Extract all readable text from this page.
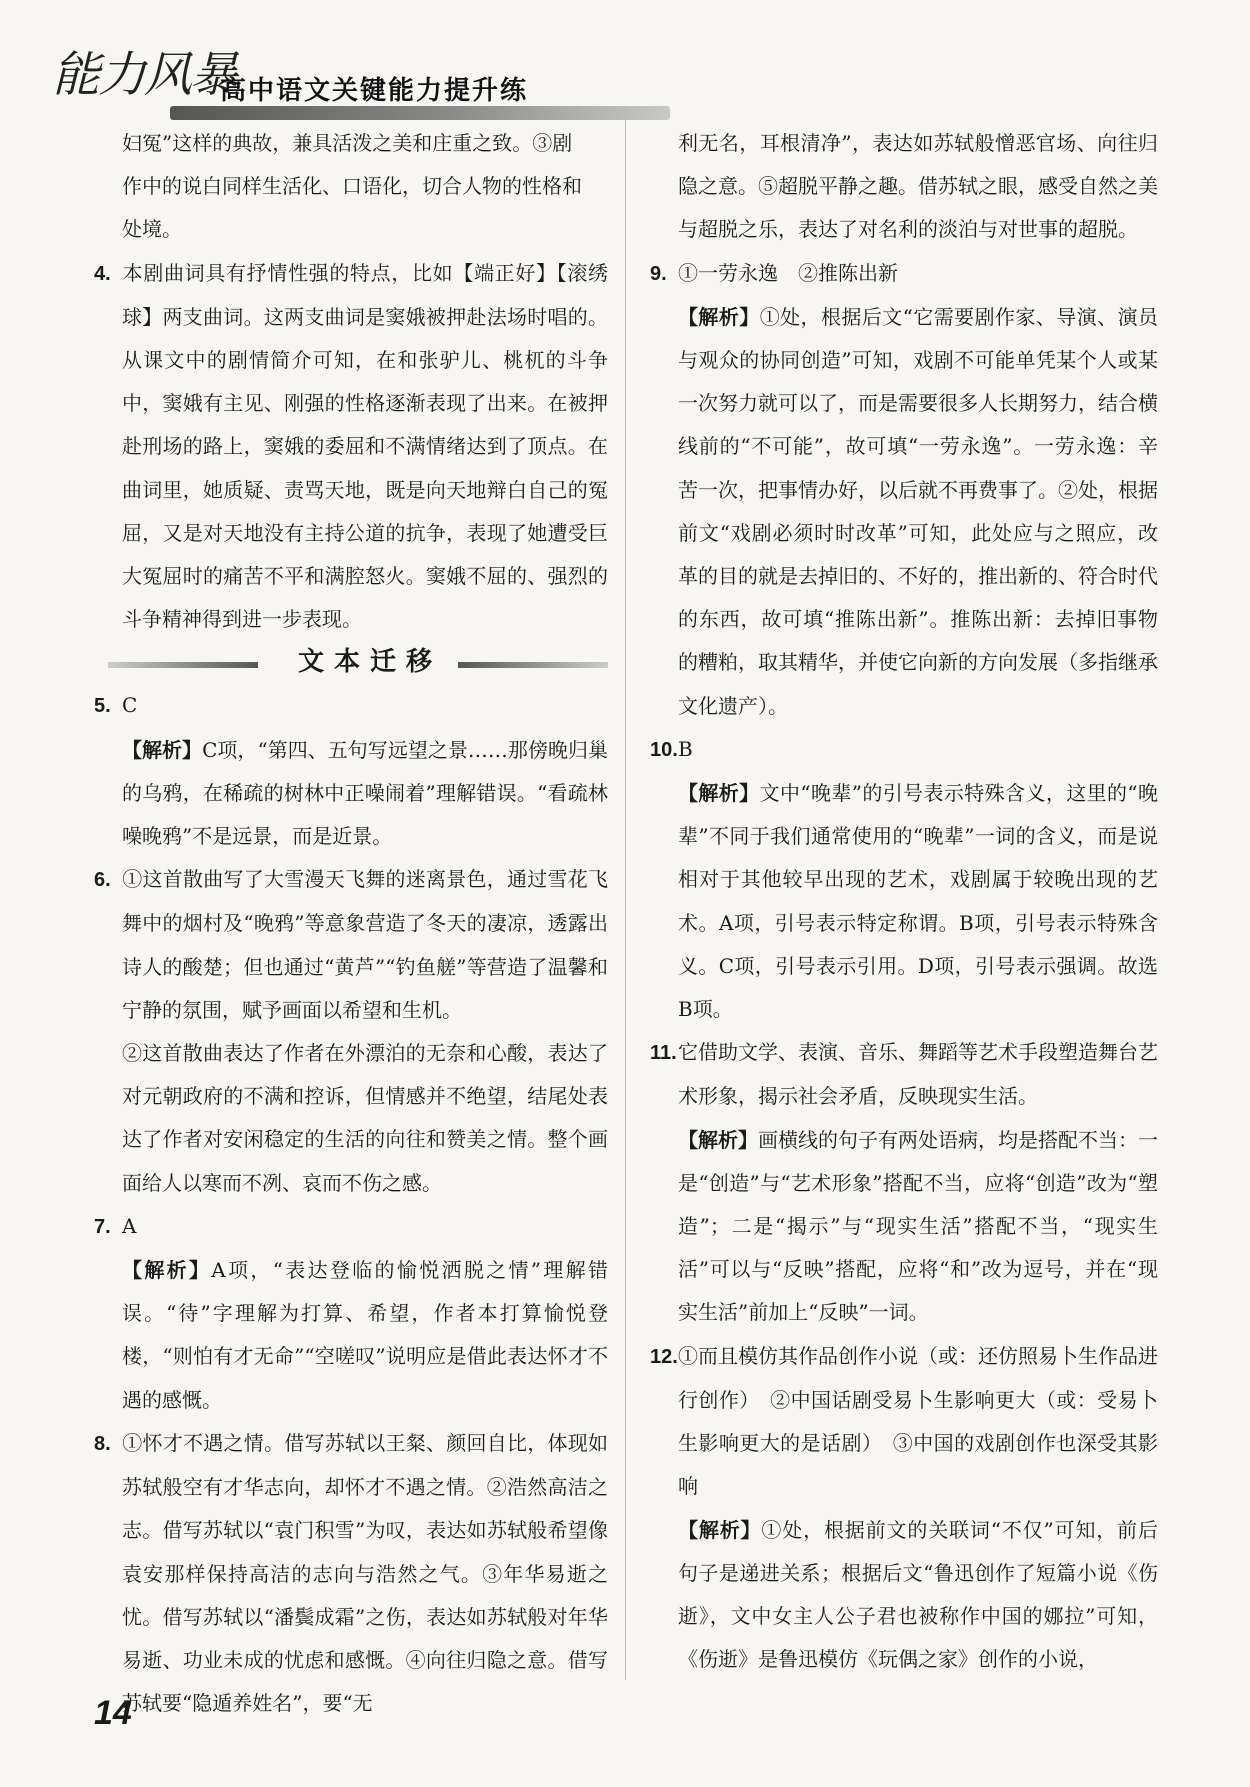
能力风暴
高中语文关键能力提升练

妇冤”这样的典故，兼具活泼之美和庄重之致。③剧

作中的说白同样生活化、口语化，切合人物的性格和

处境。

4. 本剧曲词具有抒情性强的特点，比如【端正好】【滚绣球】两支曲词。这两支曲词是窦娥被押赴法场时唱的。从课文中的剧情简介可知，在和张驴儿、桃杌的斗争中，窦娥有主见、刚强的性格逐渐表现了出来。在被押赴刑场的路上，窦娥的委屈和不满情绪达到了顶点。在曲词里，她质疑、责骂天地，既是向天地辩白自己的冤屈，又是对天地没有主持公道的抗争，表现了她遭受巨大冤屈时的痛苦不平和满腔怒火。窦娥不屈的、强烈的斗争精神得到进一步表现。

文本迁移

5. C

【解析】C项，“第四、五句写远望之景……那傍晚归巢的乌鸦，在稀疏的树林中正噪闹着”理解错误。“看疏林噪晚鸦”不是远景，而是近景。

6. ①这首散曲写了大雪漫天飞舞的迷离景色，通过雪花飞舞中的烟村及“晚鸦”等意象营造了冬天的凄凉，透露出诗人的酸楚；但也通过“黄芦”“钓鱼艖”等营造了温馨和宁静的氛围，赋予画面以希望和生机。

②这首散曲表达了作者在外漂泊的无奈和心酸，表达了对元朝政府的不满和控诉，但情感并不绝望，结尾处表达了作者对安闲稳定的生活的向往和赞美之情。整个画面给人以寒而不冽、哀而不伤之感。

7. A

【解析】A项，“表达登临的愉悦洒脱之情”理解错误。“待”字理解为打算、希望，作者本打算愉悦登楼，“则怕有才无命”“空嗟叹”说明应是借此表达怀才不遇的感慨。

8. ①怀才不遇之情。借写苏轼以王粲、颜回自比，体现如苏轼般空有才华志向，却怀才不遇之情。②浩然高洁之志。借写苏轼以“袁门积雪”为叹，表达如苏轼般希望像袁安那样保持高洁的志向与浩然之气。③年华易逝之忧。借写苏轼以“潘鬓成霜”之伤，表达如苏轼般对年华易逝、功业未成的忧虑和感慨。④向往归隐之意。借写苏轼要“隐遁养姓名”，要“无

利无名，耳根清净”，表达如苏轼般憎恶官场、向往归隐之意。⑤超脱平静之趣。借苏轼之眼，感受自然之美与超脱之乐，表达了对名利的淡泊与对世事的超脱。

9. ①一劳永逸　②推陈出新

【解析】①处，根据后文“它需要剧作家、导演、演员与观众的协同创造”可知，戏剧不可能单凭某个人或某一次努力就可以了，而是需要很多人长期努力，结合横线前的“不可能”，故可填“一劳永逸”。一劳永逸：辛苦一次，把事情办好，以后就不再费事了。②处，根据前文“戏剧必须时时改革”可知，此处应与之照应，改革的目的就是去掉旧的、不好的，推出新的、符合时代的东西，故可填“推陈出新”。推陈出新：去掉旧事物的糟粕，取其精华，并使它向新的方向发展（多指继承文化遗产）。

10.B

【解析】文中“晚辈”的引号表示特殊含义，这里的“晚辈”不同于我们通常使用的“晚辈”一词的含义，而是说相对于其他较早出现的艺术，戏剧属于较晚出现的艺术。A项，引号表示特定称谓。B项，引号表示特殊含义。C项，引号表示引用。D项，引号表示强调。故选B项。

11.它借助文学、表演、音乐、舞蹈等艺术手段塑造舞台艺术形象，揭示社会矛盾，反映现实生活。

【解析】画横线的句子有两处语病，均是搭配不当：一是“创造”与“艺术形象”搭配不当，应将“创造”改为“塑造”；二是“揭示”与“现实生活”搭配不当，“现实生活”可以与“反映”搭配，应将“和”改为逗号，并在“现实生活”前加上“反映”一词。

12.①而且模仿其作品创作小说（或：还仿照易卜生作品进行创作）　②中国话剧受易卜生影响更大（或：受易卜生影响更大的是话剧）　③中国的戏剧创作也深受其影响

【解析】①处，根据前文的关联词“不仅”可知，前后句子是递进关系；根据后文“鲁迅创作了短篇小说《伤逝》，文中女主人公子君也被称作中国的娜拉”可知，《伤逝》是鲁迅模仿《玩偶之家》创作的小说，

14
